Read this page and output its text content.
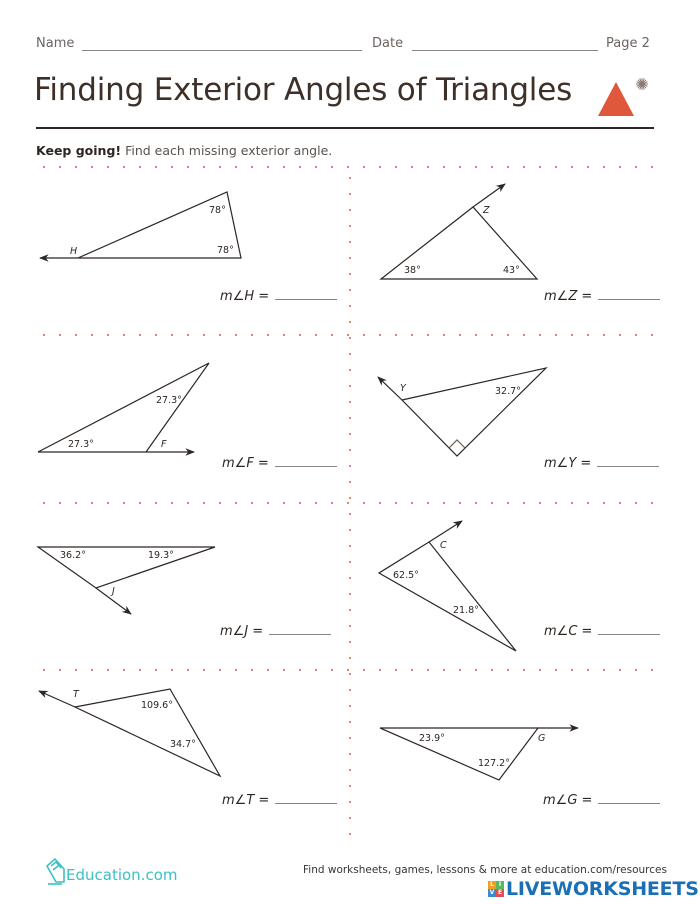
Name	Date	Page 2
Finding Exterior Angles of Triangles
Keep going! Find each missing exterior angle.
78°
78°
H
m∠H =
38°	43°
Z
m∠Z =
27.3°
27.3°	F
m∠F =
32.7°
Y
m∠Y =
36.2°	19.3°
J
m∠J =
62.5°
21.8°
C
m∠C =
109.6°
34.7°
T
m∠T =
23.9°
127.2°
G
m∠G =
Education.com	Find worksheets, games, lessons & more at education.com/resources
L I
V E LIVEWORKSHEETS
